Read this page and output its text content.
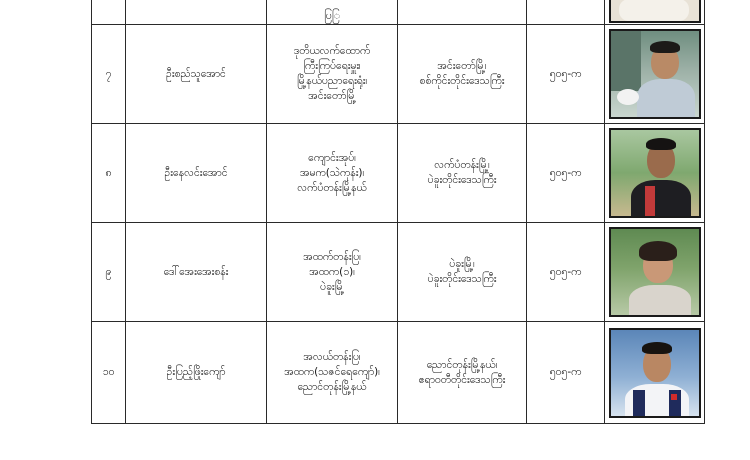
		ပြြ			

၇	ဦးစည်သူအောင်	ဒုတိယလက်ထောက်
ကြီးကြပ်ရေးမှူး၊
မြို့နယ်ပညာရေးရုံး၊
အင်းတော်မြို့	အင်းတော်မြို့၊
စစ်ကိုင်းတိုင်းဒေသကြီး	၅၀၅-က	

၈	ဦးနေလင်းအောင်	ကျောင်းအုပ်၊
အမက(သဲကုန်း)၊
လက်ပံတန်းမြို့နယ်	လက်ပံတန်းမြို့၊
ပဲခူးတိုင်းဒေသကြီး	၅၀၅-က	

၉	ဒေါ်အေးအေးစန်း	အထက်တန်းပြ၊
အထက(၁)၊
ပဲခူးမြို့	ပဲခူးမြို့၊
ပဲခူးတိုင်းဒေသကြီး	၅၀၅-က	

၁၀	ဦးပြည့်ဖြိုးကျော်	အလယ်တန်းပြ၊
အထက(သဇင်ရေကျော်)၊
ညောင်တုန်းမြို့နယ်	ညောင်တုန်းမြို့နယ်၊
ဧရာဝတီတိုင်းဒေသကြီး	၅၀၅-က	
